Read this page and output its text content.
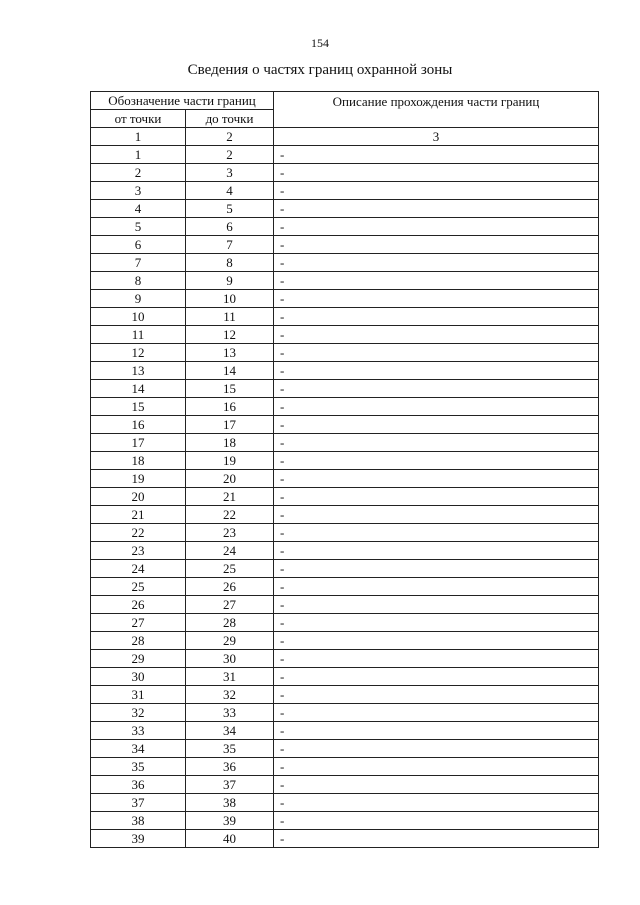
154
Сведения о частях границ охранной зоны
Обозначение части границ		Описание прохождения части границ
от точки	до точки	
1	2	3
1	2	-
2	3	-
3	4	-
4	5	-
5	6	-
6	7	-
7	8	-
8	9	-
9	10	-
10	11	-
11	12	-
12	13	-
13	14	-
14	15	-
15	16	-
16	17	-
17	18	-
18	19	-
19	20	-
20	21	-
21	22	-
22	23	-
23	24	-
24	25	-
25	26	-
26	27	-
27	28	-
28	29	-
29	30	-
30	31	-
31	32	-
32	33	-
33	34	-
34	35	-
35	36	-
36	37	-
37	38	-
38	39	-
39	40	-
